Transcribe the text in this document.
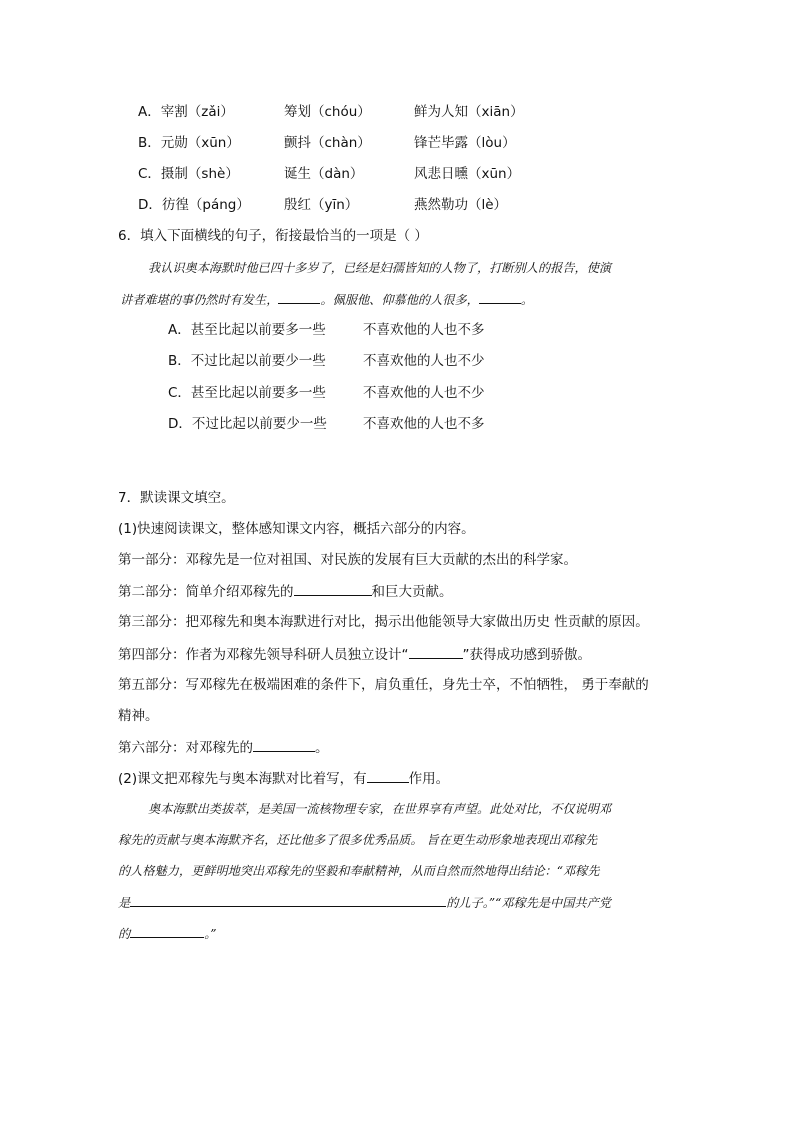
A．宰割（zǎi）	筹划（chóu）	鲜为人知（xiān）
B．元勋（xūn）	颤抖（chàn）	锋芒毕露（lòu）
C．摄制（shè）	诞生（dàn）	风悲日曛（xūn）
D．彷徨（páng）	殷红（yīn）	燕然勒功（lè）
6．填入下面横线的句子，衔接最恰当的一项是（ ）
我认识奥本海默时他已四十多岁了，已经是妇孺皆知的人物了，打断别人的报告，使演
讲者难堪的事仍然时有发生，	。佩服他、仰慕他的人很多，	。
A．甚至比起以前要多一些	不喜欢他的人也不多
B．不过比起以前要少一些	不喜欢他的人也不少
C．甚至比起以前要多一些	不喜欢他的人也不少
D．不过比起以前要少一些	不喜欢他的人也不多
7．默读课文填空。
(1)快速阅读课文，整体感知课文内容，概括六部分的内容。
第一部分：邓稼先是一位对祖国、对民族的发展有巨大贡献的杰出的科学家。
第二部分：简单介绍邓稼先的	和巨大贡献。
第三部分：把邓稼先和奥本海默进行对比，揭示出他能领导大家做出历史 性贡献的原因。
第四部分：作者为邓稼先领导科研人员独立设计“	”获得成功感到骄傲。
第五部分：写邓稼先在极端困难的条件下，肩负重任，身先士卒，不怕牺牲， 勇于奉献的
精神。
第六部分：对邓稼先的	。
(2)课文把邓稼先与奥本海默对比着写，有	作用。
奥本海默出类拔萃，是美国一流核物理专家，在世界享有声望。此处对比，不仅说明邓
稼先的贡献与奥本海默齐名，还比他多了很多优秀品质。 旨在更生动形象地表现出邓稼先
的人格魅力，更鲜明地突出邓稼先的坚毅和奉献精神，从而自然而然地得出结论：“邓稼先
是	的儿子。”“邓稼先是中国共产党
的	。”
